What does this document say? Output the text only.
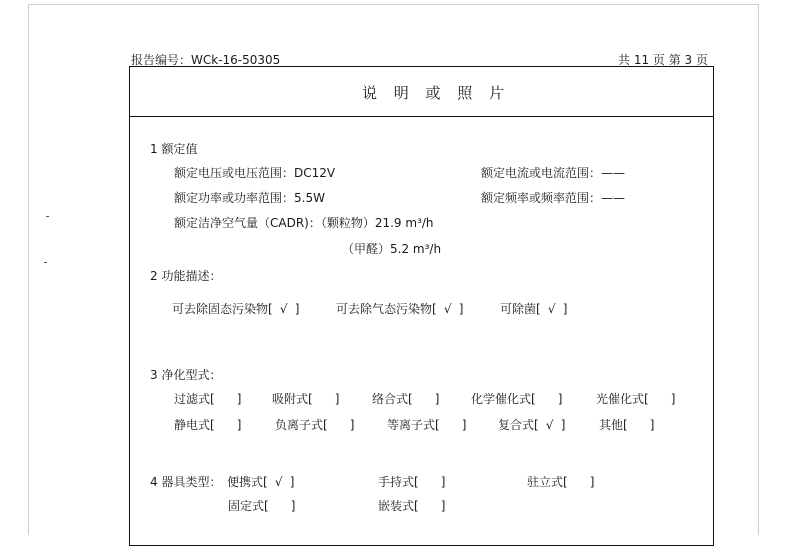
报告编号：WCk-16-50305	共 11 页 第 3 页
说 明 或 照 片
1 额定值
额定电压或电压范围：DC12V	额定电流或电流范围：——
额定功率或功率范围：5.5W	额定频率或频率范围：——
额定洁净空气量（CADR)：（颗粒物）21.9 m³/h
（甲醛）5.2 m³/h
2 功能描述：
可去除固态污染物[ √ ]	可去除气态污染物[ √ ]	可除菌[ √ ]
3 净化型式：
过滤式[ ]	吸附式[ ]	络合式[ ]	化学催化式[ ]	光催化式[ ]
静电式[ ]	负离子式[ ]	等离子式[ ]	复合式[ √ ]	其他[ ]
4 器具类型： 便携式[ √ ]	手持式[ ]	驻立式[ ]
固定式[ ]	嵌装式[ ]
